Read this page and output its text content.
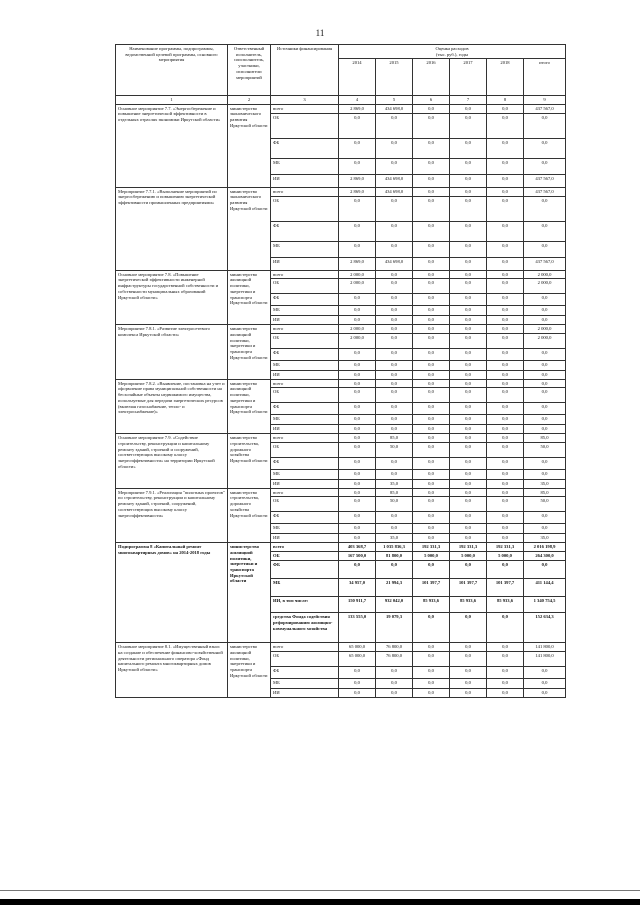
11
Наименование программы, подпрограммы, ведомственной целевой программы, основного мероприятия	Ответственный исполнитель, соисполнитель, участники, исполнители мероприятий	Источники финансирования	Оценка расходов
(тыс. руб.), годы					

			2014	2015	2016	2017	2018	итого
1	2	3	4	5	6	7	8	9
Основное мероприятие 7.7. «Энергосбережение и повышение энергетической эффективности в отдельных отраслях экономики Иркутской области»	министерство экономического развития Иркутской области	всего	2 869,0	434 698,0	0,0	0,0	0,0	437 567,0
		ОБ	0,0	0,0	0,0	0,0	0,0	0,0
		ФБ	0,0	0,0	0,0	0,0	0,0	0,0
		МБ	0,0	0,0	0,0	0,0	0,0	0,0
		ИИ	2 869,0	434 698,0	0,0	0,0	0,0	437 567,0
Мероприятие 7.7.1. «Выполнение мероприятий по энергосбережению и повышению энергетической эффективности промышленных предприятиями»	министерство экономического развития Иркутской области	всего	2 869,0	434 698,0	0,0	0,0	0,0	437 567,0
		ОБ	0,0	0,0	0,0	0,0	0,0	0,0
		ФБ	0,0	0,0	0,0	0,0	0,0	0,0
		МБ	0,0	0,0	0,0	0,0	0,0	0,0
		ИИ	2 869,0	434 698,0	0,0	0,0	0,0	437 567,0
Основное мероприятие 7.8. «Повышение энергетической эффективности инженерной инфраструктуры государственной собственности и собственности муниципальных образований Иркутской области»	министерство жилищной политики, энергетики и транспорта Иркутской области	всего	2 000,0	0,0	0,0	0,0	0,0	2 000,0
		ОБ	2 000,0	0,0	0,0	0,0	0,0	2 000,0
		ФБ	0,0	0,0	0,0	0,0	0,0	0,0
		МБ	0,0	0,0	0,0	0,0	0,0	0,0
		ИИ	0,0	0,0	0,0	0,0	0,0	0,0
Мероприятие 7.8.1. «Развитие электросетевого комплекса Иркутской области»	министерство жилищной политики, энергетики и транспорта Иркутской области	всего	2 000,0	0,0	0,0	0,0	0,0	2 000,0
		ОБ	2 000,0	0,0	0,0	0,0	0,0	2 000,0
		ФБ	0,0	0,0	0,0	0,0	0,0	0,0
		МБ	0,0	0,0	0,0	0,0	0,0	0,0
		ИИ	0,0	0,0	0,0	0,0	0,0	0,0
Мероприятие 7.8.2. «Выявление, постановка на учет и оформление права муниципальной собственности на бесхозяйные объекты недвижимого имущества, используемые для передачи энергетических ресурсов (включая газоснабжение, тепло- и электроснабжение)»	министерство жилищной политики, энергетики и транспорта Иркутской области	всего	0,0	0,0	0,0	0,0	0,0	0,0
		ОБ	0,0	0,0	0,0	0,0	0,0	0,0
		ФБ	0,0	0,0	0,0	0,0	0,0	0,0
		МБ	0,0	0,0	0,0	0,0	0,0	0,0
		ИИ	0,0	0,0	0,0	0,0	0,0	0,0
Основное мероприятие 7.9. «Содействие строительству, реконструкции и капитальному ремонту зданий, строений и сооружений, соответствующих высокому классу энергоэффективности» на территории Иркутской области»	министерство строительства, дорожного хозяйства Иркутской области	всего	0,0	85,0	0,0	0,0	0,0	85,0
		ОБ	0,0	50,0	0,0	0,0	0,0	50,0
		ФБ	0,0	0,0	0,0	0,0	0,0	0,0
		МБ	0,0	0,0	0,0	0,0	0,0	0,0
		ИИ	0,0	35,0	0,0	0,0	0,0	35,0
Мероприятие 7.9.1. «Реализация "пилотных проектов" по строительству, реконструкции и капитальному ремонту зданий, строений, сооружений, соответствующих высокому классу энергоэффективности»	министерство строительства, дорожного хозяйства Иркутской области	всего	0,0	85,0	0,0	0,0	0,0	85,0
		ОБ	0,0	50,0	0,0	0,0	0,0	50,0
		ФБ	0,0	0,0	0,0	0,0	0,0	0,0
		МБ	0,0	0,0	0,0	0,0	0,0	0,0
		ИИ	0,0	35,0	0,0	0,0	0,0	35,0
Подпрограмма 8 «Капитальный ремонт многоквартирных домов» на 2014-2018 годы	министерство жилищной политики, энергетики и транспорта Иркутской области	всего	403 368,7	1 035 836,3	192 331,3	192 331,3	192 331,3	2 016 198,9
		ОБ	167 500,0	81 800,0	5 000,0	5 000,0	5 000,0	264 300,0
		ФБ	0,0	0,0	0,0	0,0	0,0	0,0
		МБ	34 957,0	21 994,3	101 397,7	101 397,7	101 397,7	411 144,4
		ИИ, в том числе:	150 911,7	932 042,0	85 933,6	85 933,6	85 933,6	1 340 754,5
		средства Фонда содействия реформированию жилищно-коммунального хозяйства	133 555,0	19 079,3	0,0	0,0	0,0	152 634,3
Основное мероприятие 8.1. «Имущественный взнос на создание и обеспечение финансово-хозяйственной деятельности регионального оператора «Фонд капитального ремонта многоквартирных домов Иркутской области»	министерство жилищной политики, энергетики и транспорта Иркутской области	всего	65 000,0	76 800,0	0,0	0,0	0,0	141 800,0
		ОБ	65 000,0	76 800,0	0,0	0,0	0,0	141 800,0
		ФБ	0,0	0,0	0,0	0,0	0,0	0,0
		МБ	0,0	0,0	0,0	0,0	0,0	0,0
		ИИ	0,0	0,0	0,0	0,0	0,0	0,0
